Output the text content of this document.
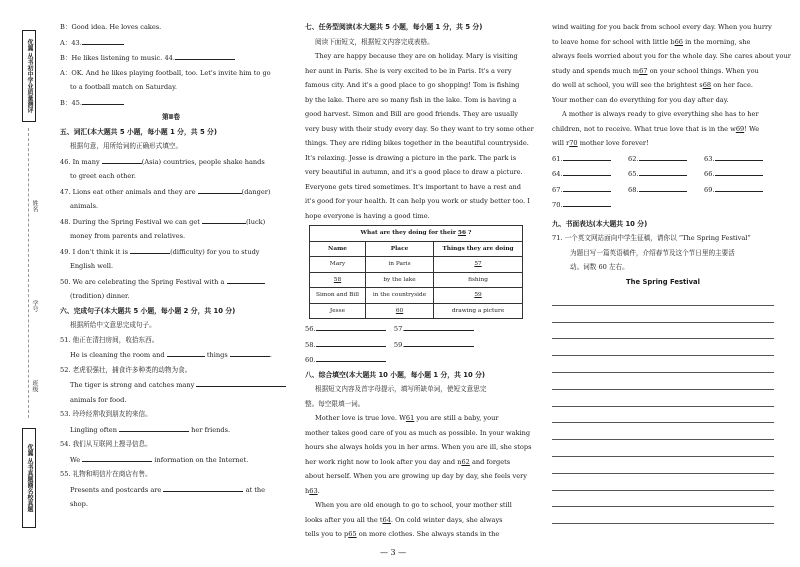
优翼 丛书
初中学业质量测评
姓名
学号
班级
优翼 丛书
真题圈
名校真题
B：Good idea. He loves cakes.
A：43.
B：He likes listening to music. 44.
A：OK. And he likes playing football, too. Let's invite him to go
to a football match on Saturday.
B：45.
第Ⅱ卷
五、词汇(本大题共 5 小题，每小题 1 分，共 5 分)
根据句意，用所给词的正确形式填空。
46. In many	(Asia) countries, people shake hands
to greet each other.
47. Lions eat other animals and they are	(danger)
animals.
48. During the Spring Festival we can get	(luck)
money from parents and relatives.
49. I don't think it is	(difficulty) for you to study
English well.
50. We are celebrating the Spring Festival with a
(tradition) dinner.
六、完成句子(本大题共 5 小题，每小题 2 分，共 10 分)
根据所给中文意思完成句子。
51. 他正在清扫房间，收拾东西。
He is cleaning the room and	things	.
52. 老虎很强壮，捕食许多种类的动物为食。
The tiger is strong and catches many
animals for food.
53. 玲玲经常收到朋友的来信。
Lingling often	her friends.
54. 我们从互联网上搜寻信息。
We	information on the Internet.
55. 礼物和明信片在商店有售。
Presents and postcards are	at the
shop.
七、任务型阅读(本大题共 5 小题，每小题 1 分，共 5 分)
阅读下面短文，根据短文内容完成表格。
They are happy because they are on holiday. Mary is visiting
her aunt in Paris. She is very excited to be in Paris. It's a very
famous city. And it's a good place to go shopping! Tom is fishing
by the lake. There are so many fish in the lake. Tom is having a
good harvest. Simon and Bill are good friends. They are usually
very busy with their study every day. So they want to try some other
things. They are riding bikes together in the beautiful countryside.
It's relaxing. Jesse is drawing a picture in the park. The park is
very beautiful in autumn, and it's a good place to draw a picture.
Everyone gets tired sometimes. It's important to have a rest and
it's good for your health. It can help you work or study better too. I
hope everyone is having a good time.
What are they doing for their 56 ?		
Name	Place	Things they are doing
Mary	in Paris	57
58	by the lake	fishing
Simon and Bill	in the countryside	59
Jesse	60	drawing a picture
56.	57.
58.	59.
60.
八、综合填空(本大题共 10 小题，每小题 1 分，共 10 分)
根据短文内容及首字母提示，填写所缺单词，使短文意思完
整。每空限填一词。
Mother love is true love. W61 you are still a baby, your
mother takes good care of you as much as possible. In your waking
hours she always holds you in her arms. When you are ill, she stops
her work right now to look after you day and n62 and forgets
about herself. When you are growing up day by day, she feels very
h63.
When you are old enough to go to school, your mother still
looks after you all the t64. On cold winter days, she always
tells you to p65 on more clothes. She always stands in the
wind waiting for you back from school every day. When you hurry
to leave home for school with little b66 in the morning, she
always feels worried about you for the whole day. She cares about your
study and spends much m67 on your school things. When you
do well at school, you will see the brightest s68 on her face.
Your mother can do everything for you day after day.
A mother is always ready to give everything she has to her
children, not to receive. What true love that is in the w69! We
will r70 mother love forever!
61.	62.	63.
64.	65.	66.
67.	68.	69.
70.
九、书面表达(本大题共 10 分)
71. 一个英文网站面向中学生征稿，请你以 “The Spring Festival”
为题目写一篇英语稿件，介绍春节及这个节日里的主要活
动。词数 60 左右。
The Spring Festival
— 3 —
